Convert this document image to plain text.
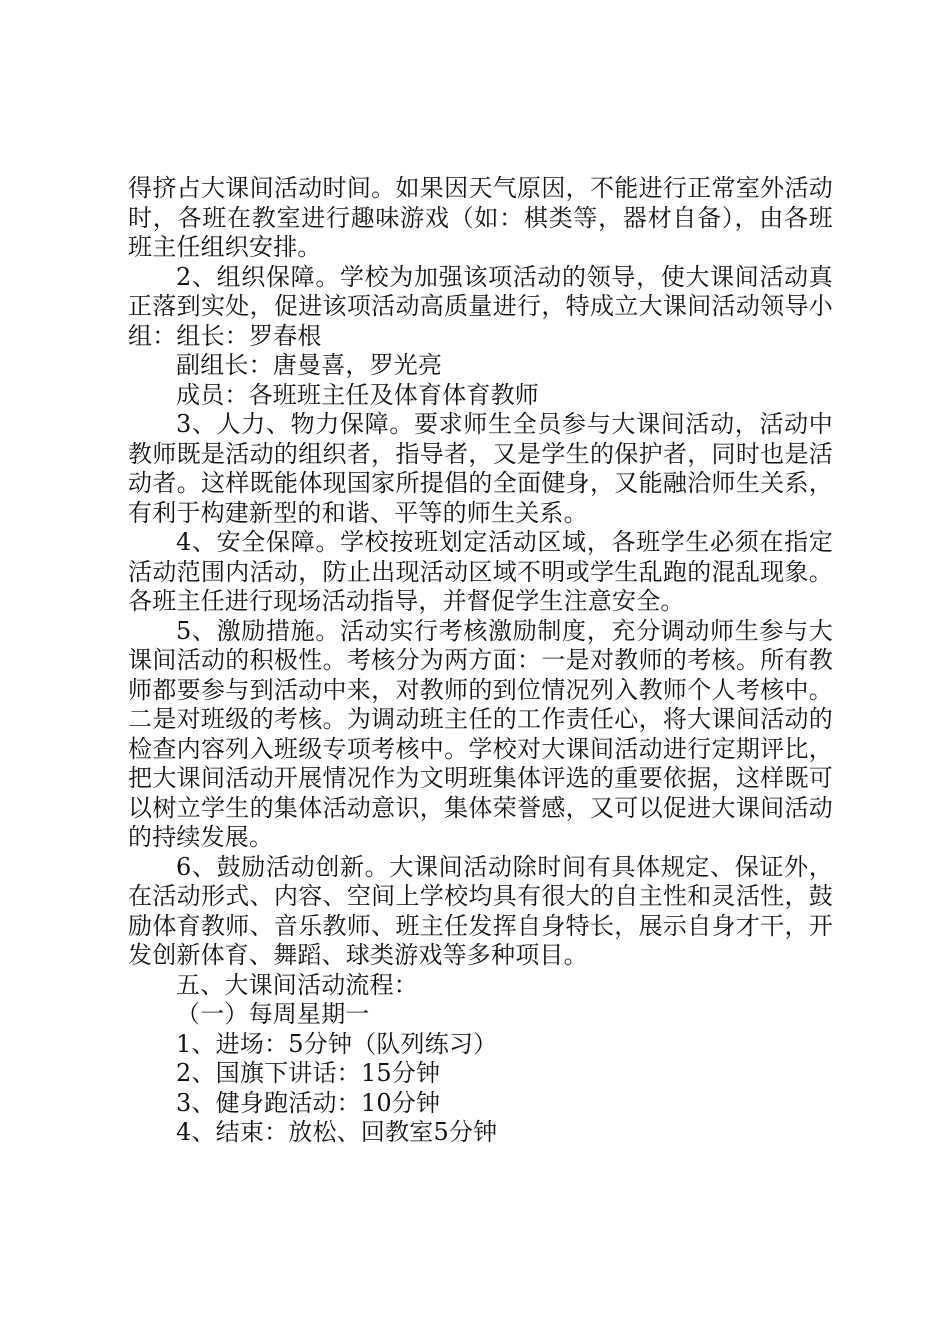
得挤占大课间活动时间。如果因天气原因，不能进行正常室外活动时，各班在教室进行趣味游戏（如：棋类等，器材自备），由各班班主任组织安排。

2、组织保障。学校为加强该项活动的领导，使大课间活动真正落到实处，促进该项活动高质量进行，特成立大课间活动领导小组：组长：罗春根

副组长：唐曼喜，罗光亮

成员：各班班主任及体育体育教师

3、人力、物力保障。要求师生全员参与大课间活动，活动中教师既是活动的组织者，指导者，又是学生的保护者，同时也是活动者。这样既能体现国家所提倡的全面健身，又能融洽师生关系，有利于构建新型的和谐、平等的师生关系。

4、安全保障。学校按班划定活动区域，各班学生必须在指定活动范围内活动，防止出现活动区域不明或学生乱跑的混乱现象。各班主任进行现场活动指导，并督促学生注意安全。

5、激励措施。活动实行考核激励制度，充分调动师生参与大课间活动的积极性。考核分为两方面：一是对教师的考核。所有教师都要参与到活动中来，对教师的到位情况列入教师个人考核中。二是对班级的考核。为调动班主任的工作责任心，将大课间活动的检查内容列入班级专项考核中。学校对大课间活动进行定期评比，把大课间活动开展情况作为文明班集体评选的重要依据，这样既可以树立学生的集体活动意识，集体荣誉感，又可以促进大课间活动的持续发展。

6、鼓励活动创新。大课间活动除时间有具体规定、保证外，在活动形式、内容、空间上学校均具有很大的自主性和灵活性，鼓励体育教师、音乐教师、班主任发挥自身特长，展示自身才干，开发创新体育、舞蹈、球类游戏等多种项目。

五、大课间活动流程：

（一）每周星期一

1、进场：5分钟（队列练习）

2、国旗下讲话：15分钟

3、健身跑活动：10分钟

4、结束：放松、回教室5分钟
